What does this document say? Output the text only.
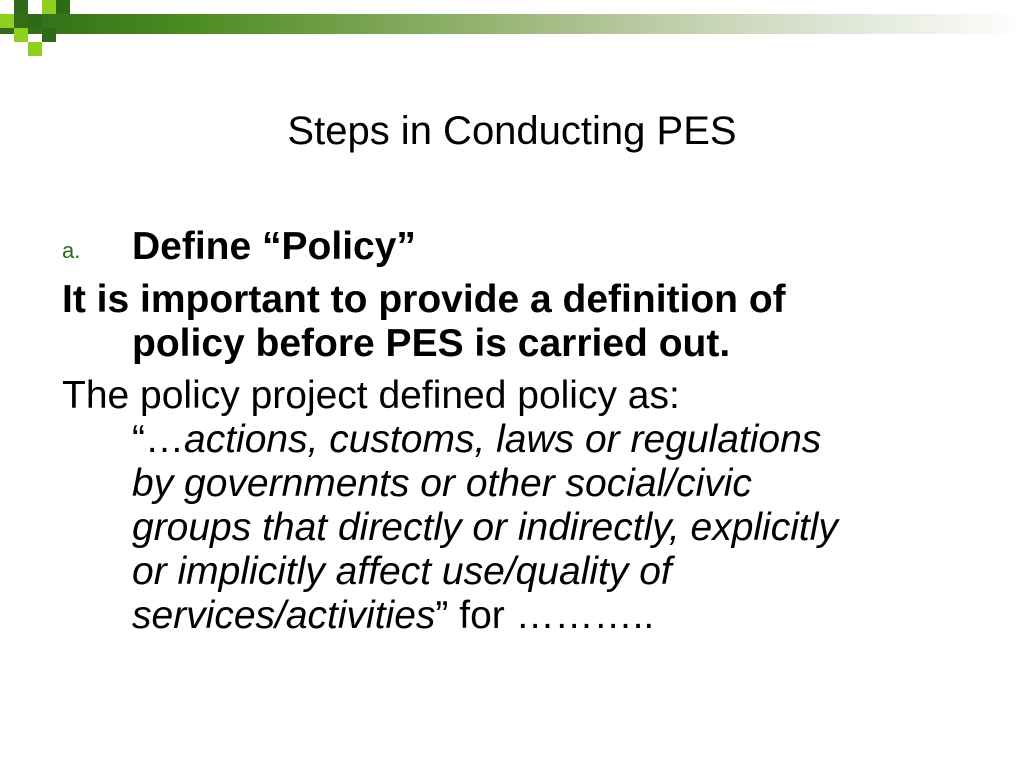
Steps in Conducting PES
a. Define “Policy”

It is important to provide a definition of
policy before PES is carried out.

The policy project defined policy as:
“…actions, customs, laws or regulations
by governments or other social/civic
groups that directly or indirectly, explicitly
or implicitly affect use/quality of
services/activities” for ………..
